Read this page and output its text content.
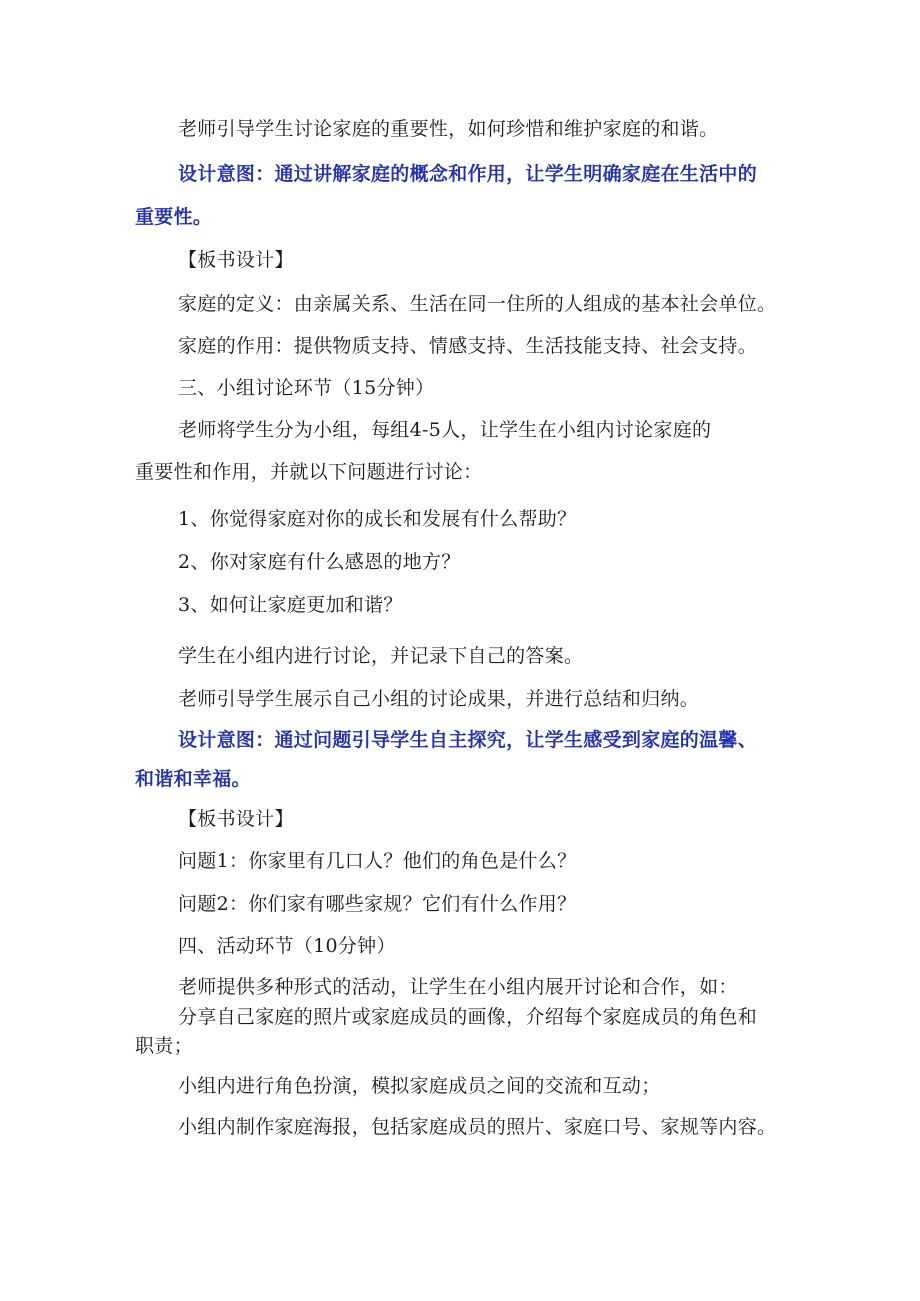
老师引导学生讨论家庭的重要性，如何珍惜和维护家庭的和谐。
设计意图：通过讲解家庭的概念和作用，让学生明确家庭在生活中的
重要性。
【板书设计】
家庭的定义：由亲属关系、生活在同一住所的人组成的基本社会单位。
家庭的作用：提供物质支持、情感支持、生活技能支持、社会支持。
三、小组讨论环节（15分钟）
老师将学生分为小组，每组4-5人，让学生在小组内讨论家庭的
重要性和作用，并就以下问题进行讨论：
1、你觉得家庭对你的成长和发展有什么帮助？
2、你对家庭有什么感恩的地方？
3、如何让家庭更加和谐？
学生在小组内进行讨论，并记录下自己的答案。
老师引导学生展示自己小组的讨论成果，并进行总结和归纳。
设计意图：通过问题引导学生自主探究，让学生感受到家庭的温馨、
和谐和幸福。
【板书设计】
问题1：你家里有几口人？他们的角色是什么？
问题2：你们家有哪些家规？它们有什么作用？
四、活动环节（10分钟）
老师提供多种形式的活动，让学生在小组内展开讨论和合作，如：
分享自己家庭的照片或家庭成员的画像，介绍每个家庭成员的角色和
职责；
小组内进行角色扮演，模拟家庭成员之间的交流和互动；
小组内制作家庭海报，包括家庭成员的照片、家庭口号、家规等内容。
